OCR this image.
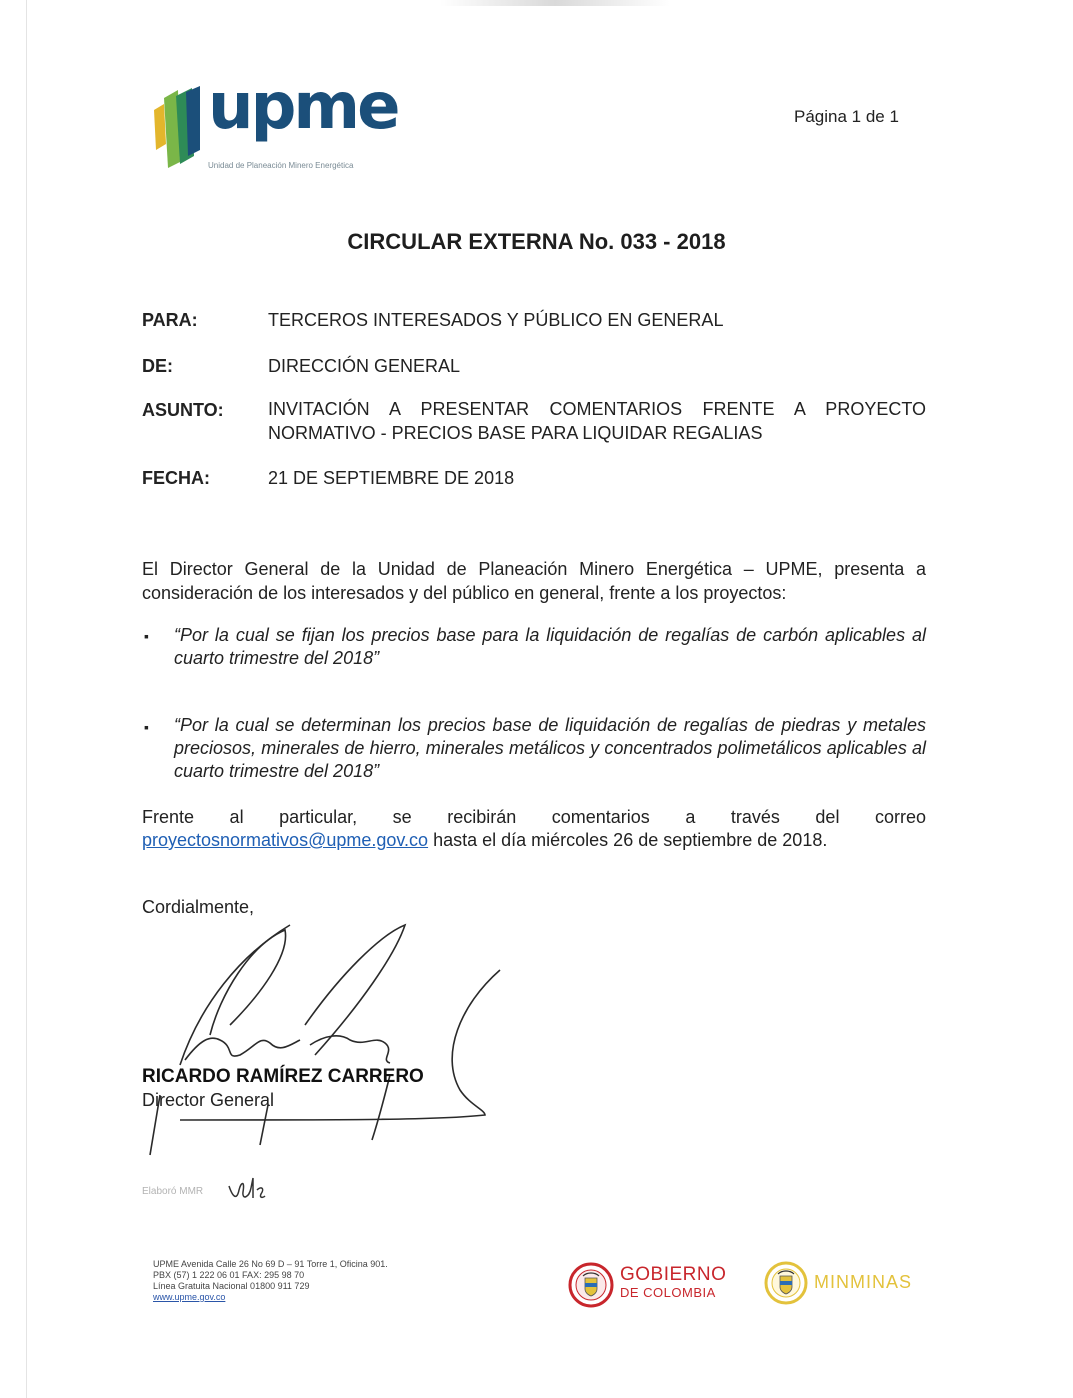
upme
Unidad de Planeación Minero Energética
Página 1 de 1
CIRCULAR EXTERNA No. 033 - 2018
PARA:	TERCEROS INTERESADOS Y PÚBLICO EN GENERAL
DE:	DIRECCIÓN GENERAL
ASUNTO: INVITACIÓN A PRESENTAR COMENTARIOS FRENTE A PROYECTO NORMATIVO - PRECIOS BASE PARA LIQUIDAR REGALIAS
FECHA:	21 DE SEPTIEMBRE DE 2018
El Director General de la Unidad de Planeación Minero Energética – UPME, presenta a consideración de los interesados y del público en general, frente a los proyectos:
▪ “Por la cual se fijan los precios base para la liquidación de regalías de carbón aplicables al cuarto trimestre del 2018”
▪ “Por la cual se determinan los precios base de liquidación de regalías de piedras y metales preciosos, minerales de hierro, minerales metálicos y concentrados polimetálicos aplicables al cuarto trimestre del 2018”
Frente al particular, se recibirán comentarios a través del correo
proyectosnormativos@upme.gov.co hasta el día miércoles 26 de septiembre de 2018.
Cordialmente,
RICARDO RAMÍREZ CARRERO
Director General
Elaboró MMR
UPME Avenida Calle 26 No 69 D – 91 Torre 1, Oficina 901.
PBX (57) 1 222 06 01 FAX: 295 98 70
Línea Gratuita Nacional 01800 911 729
www.upme.gov.co
GOBIERNO
DE COLOMBIA
MINMINAS
